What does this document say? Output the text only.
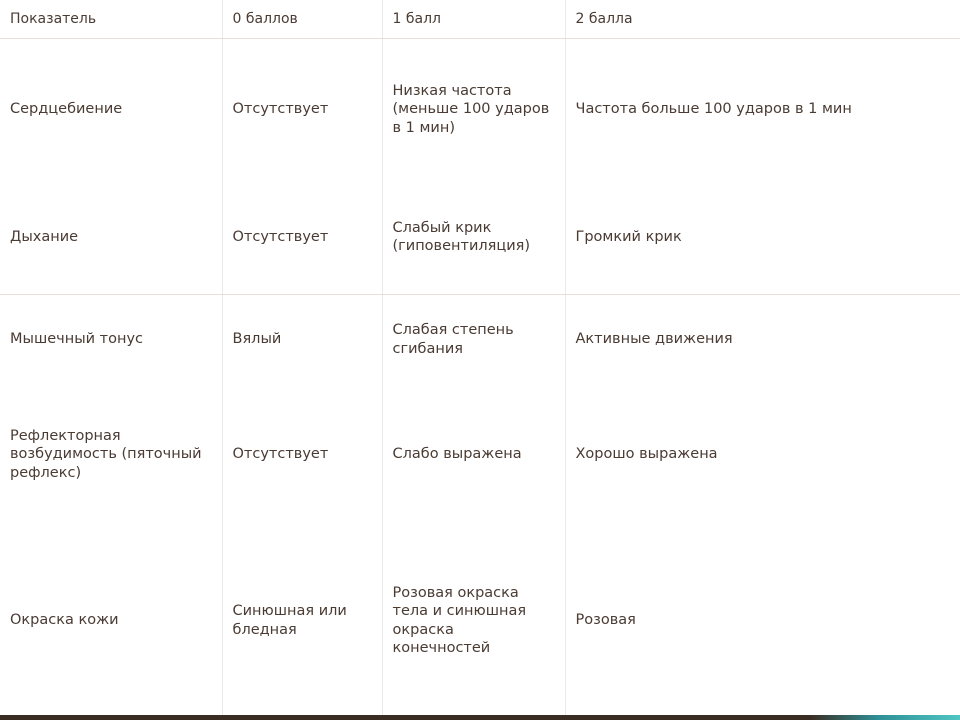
Показатель	0 баллов	1 балл	2 балла
Сердцебиение	Отсутствует	Низкая частота (меньше 100 ударов в 1 мин)	Частота больше 100 ударов в 1 мин
Дыхание	Отсутствует	Слабый крик (гиповентиляция)	Громкий крик
Мышечный тонус	Вялый	Слабая степень сгибания	Активные движения
Рефлекторная возбудимость (пяточный рефлекс)	Отсутствует	Слабо выражена	Хорошо выражена
Окраска кожи	Синюшная или бледная	Розовая окраска тела и синюшная окраска конечностей	Розовая
